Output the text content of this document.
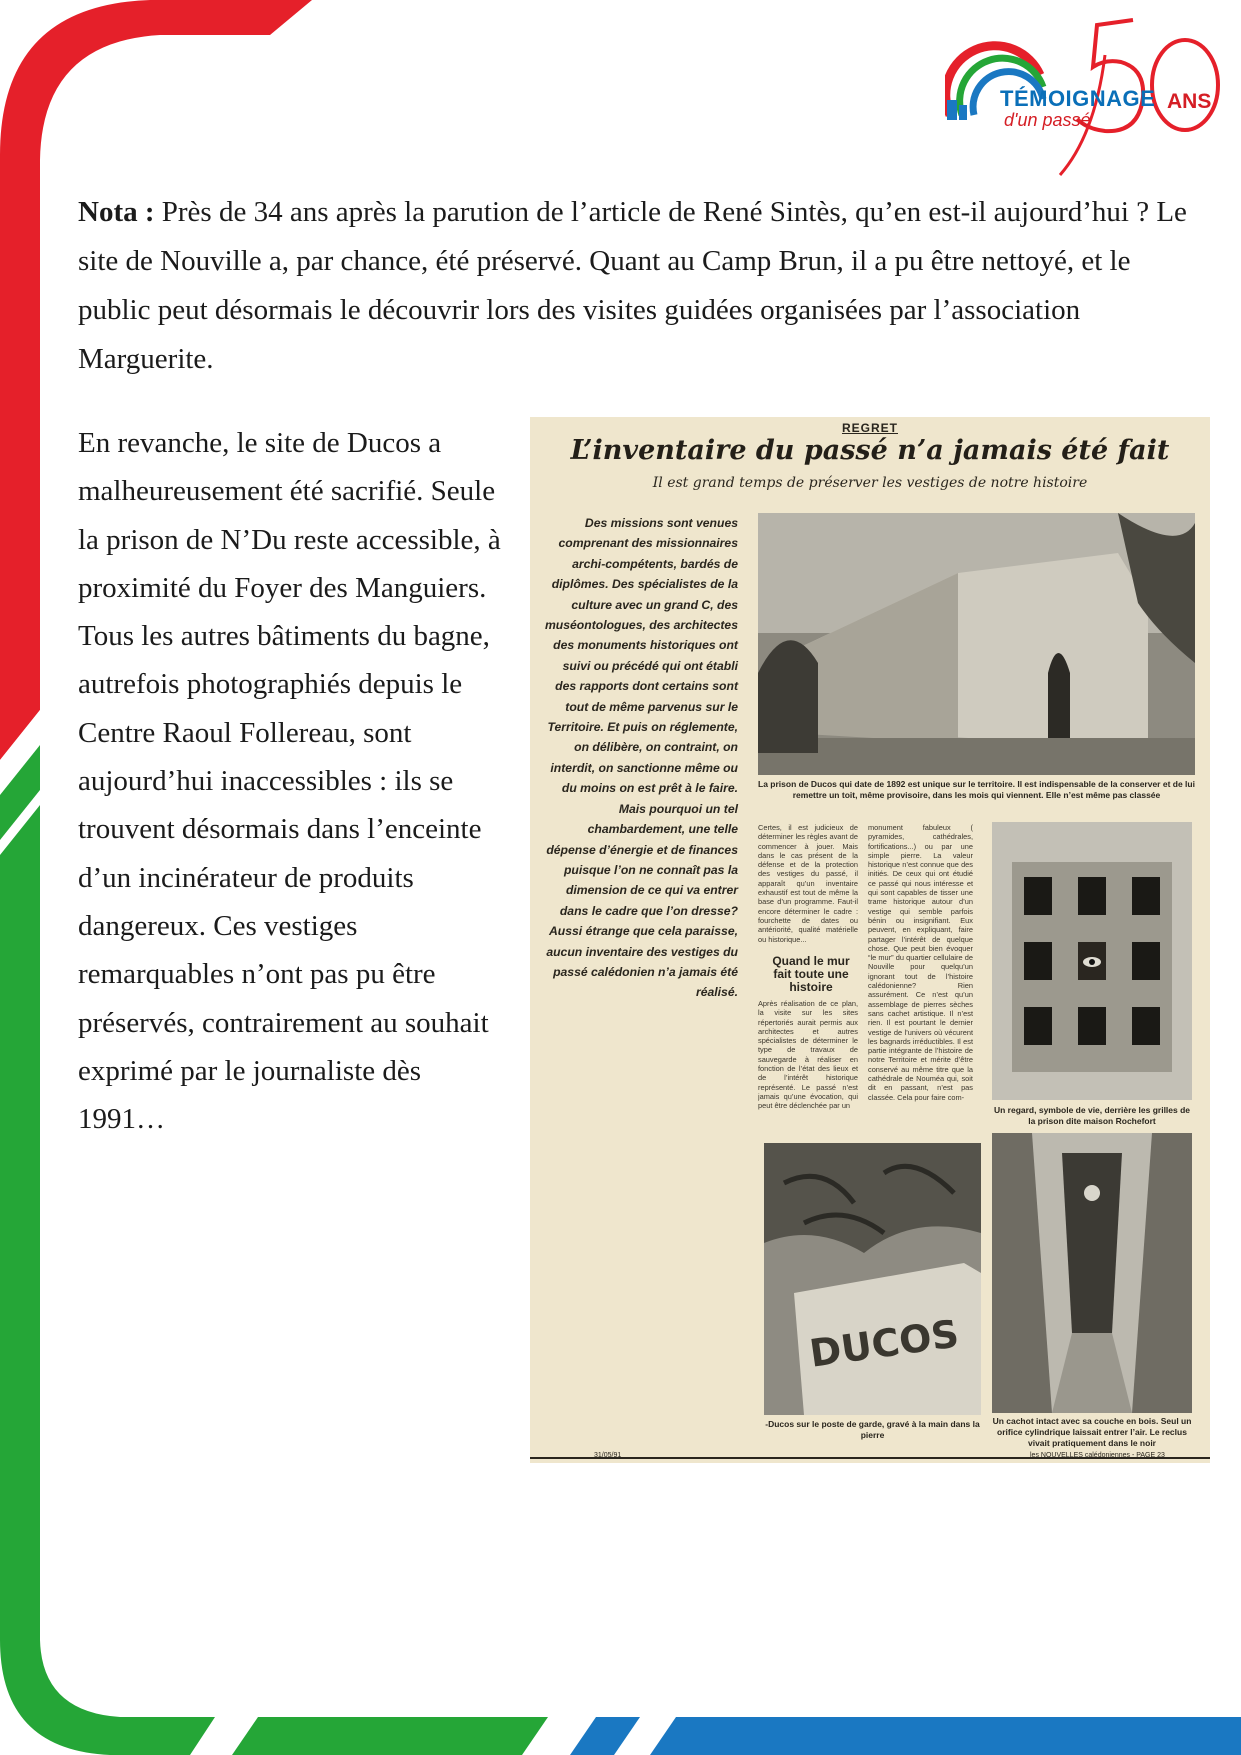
TÉMOIGNAGE
d'un passé
ANS

Nota : Près de 34 ans après la parution de l’article de René Sintès, qu’en est-il aujourd’hui ? Le site de Nouville a, par chance, été préservé. Quant au Camp Brun, il a pu être nettoyé, et le public peut désormais le découvrir lors des visites guidées organisées par l’association Marguerite.

En revanche, le site de Ducos a malheureusement été sacrifié. Seule la prison de N’Du reste accessible, à proximité du Foyer des Manguiers. Tous les autres bâtiments du bagne, autrefois photographiés depuis le Centre Raoul Follereau, sont aujourd’hui inaccessibles : ils se trouvent désormais dans l’enceinte d’un incinérateur de produits dangereux. Ces vestiges remarquables n’ont pas pu être préservés, contrairement au souhait exprimé par le journaliste dès 1991…

REGRET
L’inventaire du passé n’a jamais été fait
Il est grand temps de préserver les vestiges de notre histoire

Des missions sont venues comprenant des missionnaires archi-compétents, bardés de diplômes. Des spécialistes de la culture avec un grand C, des muséontologues, des architectes des monuments historiques ont suivi ou précédé qui ont établi des rapports dont certains sont tout de même parvenus sur le Territoire. Et puis on réglemente, on délibère, on contraint, on interdit, on sanctionne même ou du moins on est prêt à le faire. Mais pourquoi un tel chambardement, une telle dépense d’énergie et de finances puisque l’on ne connaît pas la dimension de ce qui va entrer dans le cadre que l’on dresse? Aussi étrange que cela paraisse, aucun inventaire des vestiges du passé calédonien n’a jamais été réalisé.

La prison de Ducos qui date de 1892 est unique sur le territoire. Il est indispensable de la conserver et de lui remettre un toit, même provisoire, dans les mois qui viennent. Elle n’est même pas classée

Certes, il est judicieux de déterminer les règles avant de commencer à jouer. Mais dans le cas présent de la défense et de la protection des vestiges du passé, il apparaît qu’un inventaire exhaustif est tout de même la base d’un programme. Faut-il encore déterminer le cadre : fourchette de dates ou antériorité, qualité matérielle ou historique...

Quand le mur fait toute une histoire

Après réalisation de ce plan, la visite sur les sites répertoriés aurait permis aux architectes et autres spécialistes de déterminer le type de travaux de sauvegarde à réaliser en fonction de l’état des lieux et de l’intérêt historique représenté. Le passé n’est jamais qu’une évocation, qui peut être déclenchée par un

monument fabuleux ( pyramides, cathédrales, fortifications...) ou par une simple pierre. La valeur historique n’est connue que des initiés. De ceux qui ont étudié ce passé qui nous intéresse et qui sont capables de tisser une trame historique autour d’un vestige qui semble parfois bénin ou insignifiant. Eux peuvent, en expliquant, faire partager l’intérêt de quelque chose. Que peut bien évoquer “le mur” du quartier cellulaire de Nouville pour quelqu’un ignorant tout de l’histoire calédonienne? Rien assurément. Ce n’est qu’un assemblage de pierres sèches sans cachet artistique. Il n’est rien. Il est pourtant le dernier vestige de l’univers où vécurent les bagnards irréductibles. Il est partie intégrante de l’histoire de notre Territoire et mérite d’être conservé au même titre que la cathédrale de Nouméa qui, soit dit en passant, n’est pas classée. Cela pour faire com-

Un regard, symbole de vie, derrière les grilles de la prison dite maison Rochefort
DUCOS
-Ducos sur le poste de garde, gravé à la main dans la pierre
Un cachot intact avec sa couche en bois. Seul un orifice cylindrique laissait entrer l’air. Le reclus vivait pratiquement dans le noir
31/05/91	les NOUVELLES calédoniennes - PAGE 23
